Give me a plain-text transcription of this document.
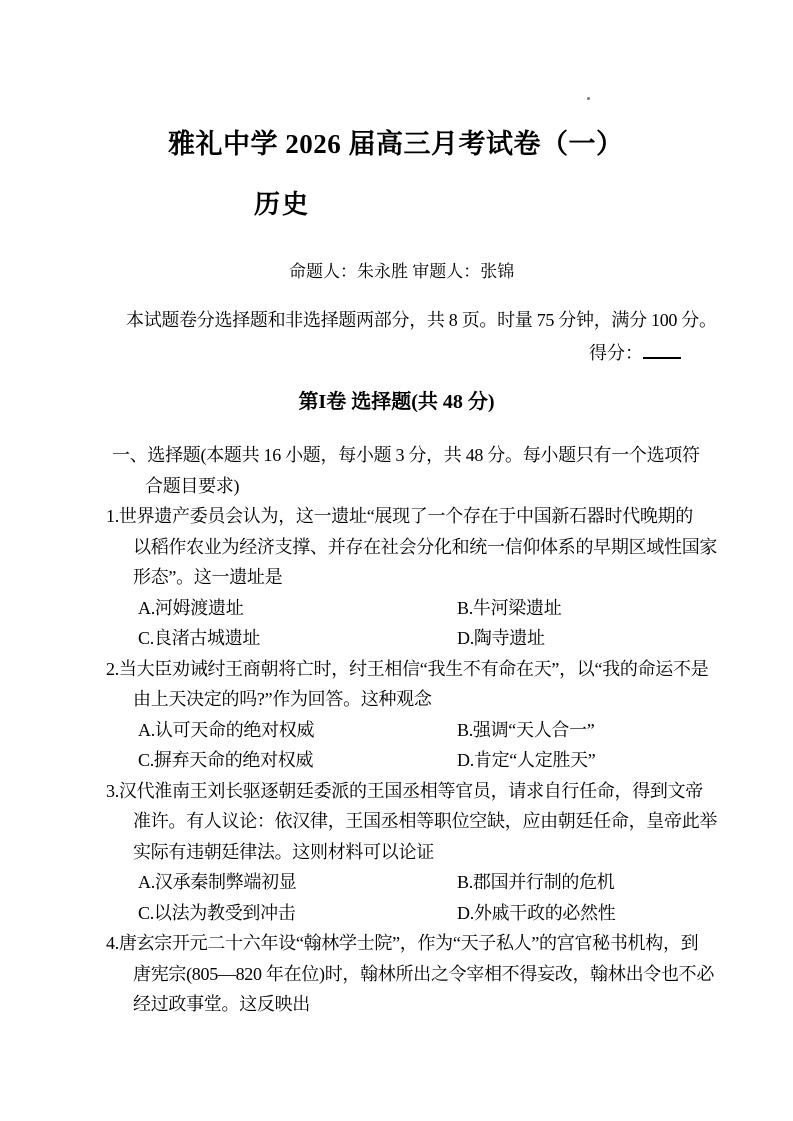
雅礼中学 2026 届高三月考试卷（一）
历史
命题人：朱永胜 审题人：张锦
本试题卷分选择题和非选择题两部分，共 8 页。时量 75 分钟，满分 100 分。
得分：
第I卷 选择题(共 48 分)
一、选择题(本题共 16 小题，每小题 3 分，共 48 分。每小题只有一个选项符
合题目要求)
1.世界遗产委员会认为，这一遗址“展现了一个存在于中国新石器时代晚期的
以稻作农业为经济支撑、并存在社会分化和统一信仰体系的早期区域性国家
形态”。这一遗址是
A.河姆渡遗址	B.牛河梁遗址
C.良渚古城遗址	D.陶寺遗址
2.当大臣劝诫纣王商朝将亡时，纣王相信“我生不有命在天”，以“我的命运不是
由上天决定的吗?”作为回答。这种观念
A.认可天命的绝对权威	B.强调“天人合一”
C.摒弃天命的绝对权威	D.肯定“人定胜天”
3.汉代淮南王刘长驱逐朝廷委派的王国丞相等官员，请求自行任命，得到文帝
准许。有人议论：依汉律，王国丞相等职位空缺，应由朝廷任命，皇帝此举
实际有违朝廷律法。这则材料可以论证
A.汉承秦制弊端初显	B.郡国并行制的危机
C.以法为教受到冲击	D.外戚干政的必然性
4.唐玄宗开元二十六年设“翰林学士院”，作为“天子私人”的宫官秘书机构，到
唐宪宗(805—820 年在位)时，翰林所出之令宰相不得妄改，翰林出令也不必
经过政事堂。这反映出
